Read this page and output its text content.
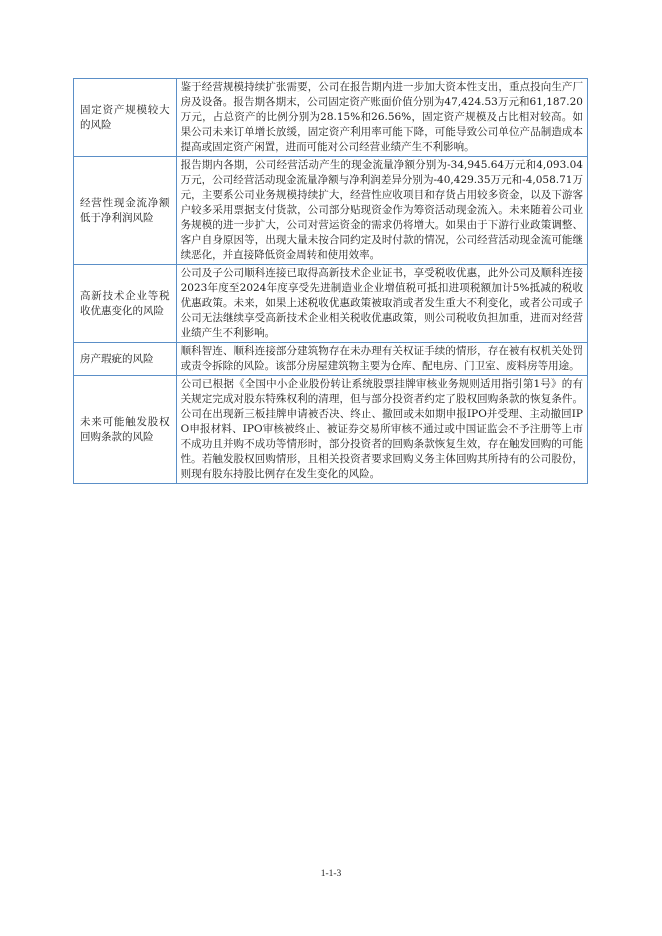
固定资产规模较大的风险	鉴于经营规模持续扩张需要，公司在报告期内进一步加大资本性支出，重点投向生产厂房及设备。报告期各期末，公司固定资产账面价值分别为47,424.53万元和61,187.20万元，占总资产的比例分别为28.15%和26.56%，固定资产规模及占比相对较高。如果公司未来订单增长放缓，固定资产利用率可能下降，可能导致公司单位产品制造成本提高或固定资产闲置，进而可能对公司经营业绩产生不利影响。
经营性现金流净额低于净利润风险	报告期内各期，公司经营活动产生的现金流量净额分别为-34,945.64万元和4,093.04万元，公司经营活动现金流量净额与净利润差异分别为-40,429.35万元和-4,058.71万元，主要系公司业务规模持续扩大，经营性应收项目和存货占用较多资金，以及下游客户较多采用票据支付货款，公司部分贴现资金作为筹资活动现金流入。未来随着公司业务规模的进一步扩大，公司对营运资金的需求仍将增大。如果由于下游行业政策调整、客户自身原因等，出现大量未按合同约定及时付款的情况，公司经营活动现金流可能继续恶化，并直接降低资金周转和使用效率。
高新技术企业等税收优惠变化的风险	公司及子公司顺科连接已取得高新技术企业证书，享受税收优惠，此外公司及顺科连接2023年度至2024年度享受先进制造业企业增值税可抵扣进项税额加计5%抵减的税收优惠政策。未来，如果上述税收优惠政策被取消或者发生重大不利变化，或者公司或子公司无法继续享受高新技术企业相关税收优惠政策，则公司税收负担加重，进而对经营业绩产生不利影响。
房产瑕疵的风险	顺科智连、顺科连接部分建筑物存在未办理有关权证手续的情形，存在被有权机关处罚或责令拆除的风险。该部分房屋建筑物主要为仓库、配电房、门卫室、废料房等用途。
未来可能触发股权回购条款的风险	公司已根据《全国中小企业股份转让系统股票挂牌审核业务规则适用指引第1号》的有关规定完成对股东特殊权利的清理，但与部分投资者约定了股权回购条款的恢复条件。公司在出现新三板挂牌申请被否决、终止、撤回或未如期申报IPO并受理、主动撤回IPO申报材料、IPO审核被终止、被证券交易所审核不通过或中国证监会不予注册等上市不成功且并购不成功等情形时，部分投资者的回购条款恢复生效，存在触发回购的可能性。若触发股权回购情形，且相关投资者要求回购义务主体回购其所持有的公司股份，则现有股东持股比例存在发生变化的风险。
1-1-3
